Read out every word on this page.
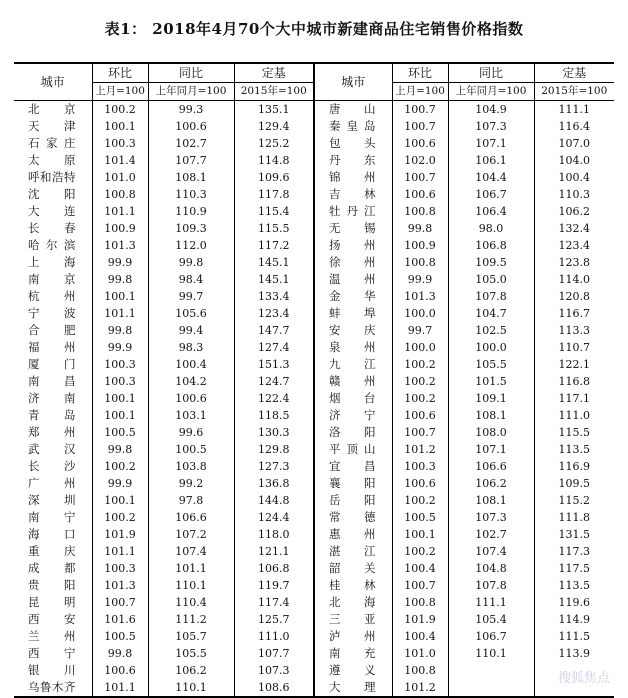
表1： 2018年4月70个大中城市新建商品住宅销售价格指数
城市	环比	同比	定基	城市	环比	同比	定基
	上月=100	上年同月=100	2015年=100		上月=100	上年同月=100	2015年=100
北京	100.2	99.3	135.1	唐山	100.7	104.9	111.1
天津	100.1	100.6	129.4	秦皇岛	100.7	107.3	116.4
石家庄	100.3	102.7	125.2	包头	100.6	107.1	107.0
太原	101.4	107.7	114.8	丹东	102.0	106.1	104.0
呼和浩特	101.0	108.1	109.6	锦州	100.7	104.4	100.4
沈阳	100.8	110.3	117.8	吉林	100.6	106.7	110.3
大连	101.1	110.9	115.4	牡丹江	100.8	106.4	106.2
长春	100.9	109.3	115.5	无锡	99.8	98.0	132.4
哈尔滨	101.3	112.0	117.2	扬州	100.9	106.8	123.4
上海	99.9	99.8	145.1	徐州	100.8	109.5	123.8
南京	99.8	98.4	145.1	温州	99.9	105.0	114.0
杭州	100.1	99.7	133.4	金华	101.3	107.8	120.8
宁波	101.1	105.6	123.4	蚌埠	100.0	104.7	116.7
合肥	99.8	99.4	147.7	安庆	99.7	102.5	113.3
福州	99.9	98.3	127.4	泉州	100.0	100.0	110.7
厦门	100.3	100.4	151.3	九江	100.2	105.5	122.1
南昌	100.3	104.2	124.7	赣州	100.2	101.5	116.8
济南	100.1	100.6	122.4	烟台	100.2	109.1	117.1
青岛	100.1	103.1	118.5	济宁	100.6	108.1	111.0
郑州	100.5	99.6	130.3	洛阳	100.7	108.0	115.5
武汉	99.8	100.5	129.8	平顶山	101.2	107.1	113.5
长沙	100.2	103.8	127.3	宜昌	100.3	106.6	116.9
广州	99.9	99.2	136.8	襄阳	100.6	106.2	109.5
深圳	100.1	97.8	144.8	岳阳	100.2	108.1	115.2
南宁	100.2	106.6	124.4	常德	100.5	107.3	111.8
海口	101.9	107.2	118.0	惠州	100.1	102.7	131.5
重庆	101.1	107.4	121.1	湛江	100.2	107.4	117.3
成都	100.3	101.1	106.8	韶关	100.4	104.8	117.5
贵阳	101.3	110.1	119.7	桂林	100.7	107.8	113.5
昆明	100.7	110.4	117.4	北海	100.8	111.1	119.6
西安	101.6	111.2	125.7	三亚	101.9	105.4	114.9
兰州	100.5	105.7	111.0	泸州	100.4	106.7	111.5
西宁	99.8	105.5	107.7	南充	101.0	110.1	113.9
银川	100.6	106.2	107.3	遵义	100.8		
乌鲁木齐	101.1	110.1	108.6	大理	101.2		
搜狐焦点
